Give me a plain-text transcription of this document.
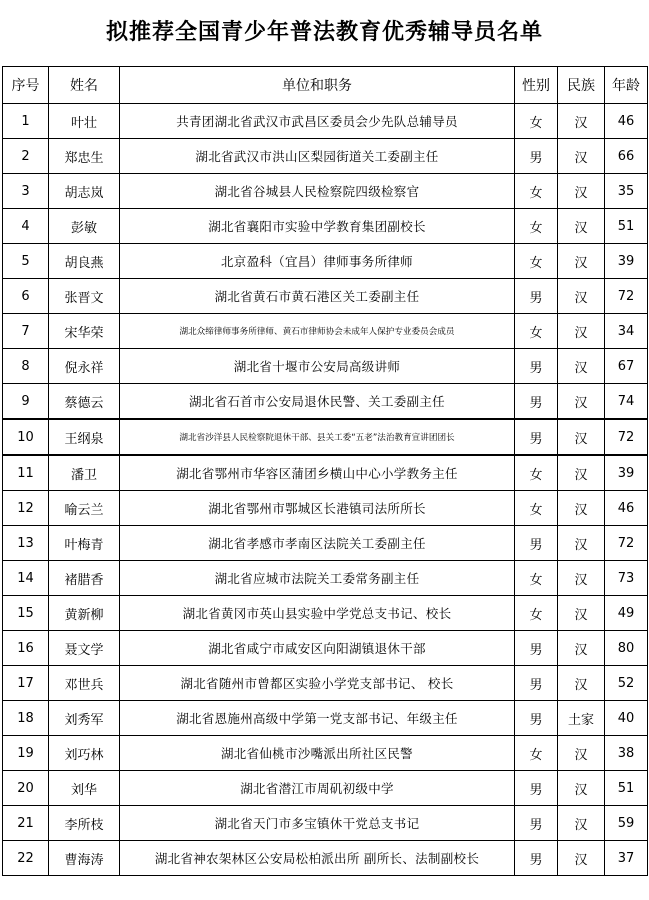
拟推荐全国青少年普法教育优秀辅导员名单
序号	姓名	单位和职务	性别	民族	年龄
1	叶壮	共青团湖北省武汉市武昌区委员会少先队总辅导员	女	汉	46
2	郑忠生	湖北省武汉市洪山区梨园街道关工委副主任	男	汉	66
3	胡志岚	湖北省谷城县人民检察院四级检察官	女	汉	35
4	彭敏	湖北省襄阳市实验中学教育集团副校长	女	汉	51
5	胡良燕	北京盈科（宜昌）律师事务所律师	女	汉	39
6	张晋文	湖北省黄石市黄石港区关工委副主任	男	汉	72
7	宋华荣	湖北众缔律师事务所律师、黄石市律师协会未成年人保护专业委员会成员	女	汉	34
8	倪永祥	湖北省十堰市公安局高级讲师	男	汉	67
9	蔡德云	湖北省石首市公安局退休民警、关工委副主任	男	汉	74
10	王纲泉	湖北省沙洋县人民检察院退休干部、县关工委“五老”法治教育宣讲团团长	男	汉	72
11	潘卫	湖北省鄂州市华容区蒲团乡横山中心小学教务主任	女	汉	39
12	喻云兰	湖北省鄂州市鄂城区长港镇司法所所长	女	汉	46
13	叶梅青	湖北省孝感市孝南区法院关工委副主任	男	汉	72
14	褚腊香	湖北省应城市法院关工委常务副主任	女	汉	73
15	黄新柳	湖北省黄冈市英山县实验中学党总支书记、校长	女	汉	49
16	聂文学	湖北省咸宁市咸安区向阳湖镇退休干部	男	汉	80
17	邓世兵	湖北省随州市曾都区实验小学党支部书记、 校长	男	汉	52
18	刘秀军	湖北省恩施州高级中学第一党支部书记、年级主任	男	土家	40
19	刘巧林	湖北省仙桃市沙嘴派出所社区民警	女	汉	38
20	刘华	湖北省潜江市周矶初级中学	男	汉	51
21	李所枝	湖北省天门市多宝镇休干党总支书记	男	汉	59
22	曹海涛	湖北省神农架林区公安局松柏派出所 副所长、法制副校长	男	汉	37
